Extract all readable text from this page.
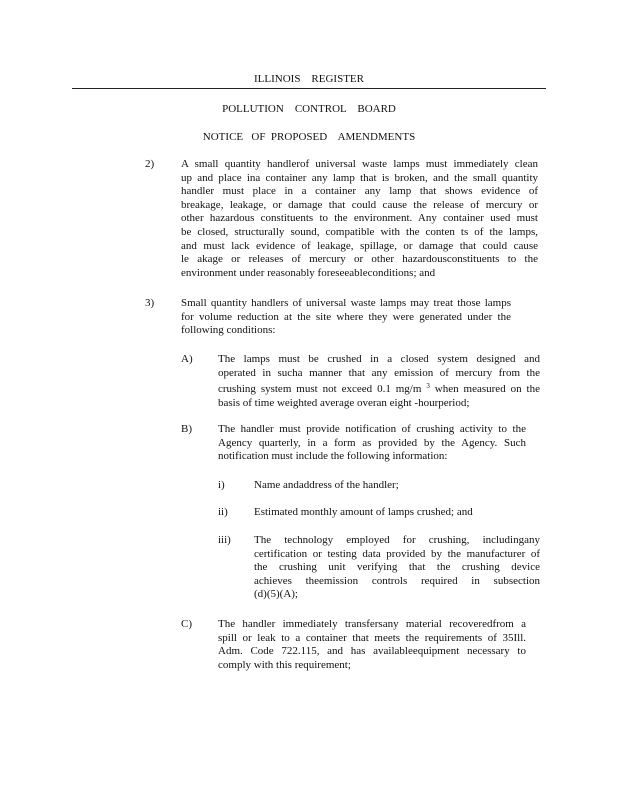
ILLINOIS    REGISTER
POLLUTION    CONTROL    BOARD
NOTICE   OF  PROPOSED    AMENDMENTS
2) A small quantity handlerof universal waste lamps must immediately clean
up and place ina container any lamp that is broken, and the small quantity
handler must place in a container any lamp that shows evidence of
breakage, leakage, or damage that could cause the release of mercury or
other hazardous constituents to the environment. Any container used must
be closed, structurally sound, compatible with the conten ts of the lamps,
and must lack evidence of leakage, spillage, or damage that could cause
le akage or releases of mercury or other hazardousconstituents to the
environment under reasonably foreseeableconditions; and
3) Small quantity handlers of universal waste lamps may treat those lamps
for volume reduction at the site where they were generated under the
following conditions:
A) The lamps must be crushed in a closed system designed and
operated in sucha manner that any emission of mercury from the
crushing system must not exceed 0.1 mg/m $^3$ when measured on the
basis of time weighted average overan eight -hourperiod;
B) The handler must provide notification of crushing activity to the
Agency quarterly, in a form as provided by the Agency. Such
notification must include the following information:
i)	Name andaddress of the handler;
ii) Estimated monthly amount of lamps crushed; and
iii) The technology employed for crushing, includingany
certification or testing data provided by the manufacturer of
the crushing unit verifying that the crushing device
achieves theemission controls required in subsection
(d)(5)(A);
C) The handler immediately transfersany material recoveredfrom a
spill or leak to a container that meets the requirements of 35Ill.
Adm. Code 722.115, and has availableequipment necessary to
comply with this requirement;
